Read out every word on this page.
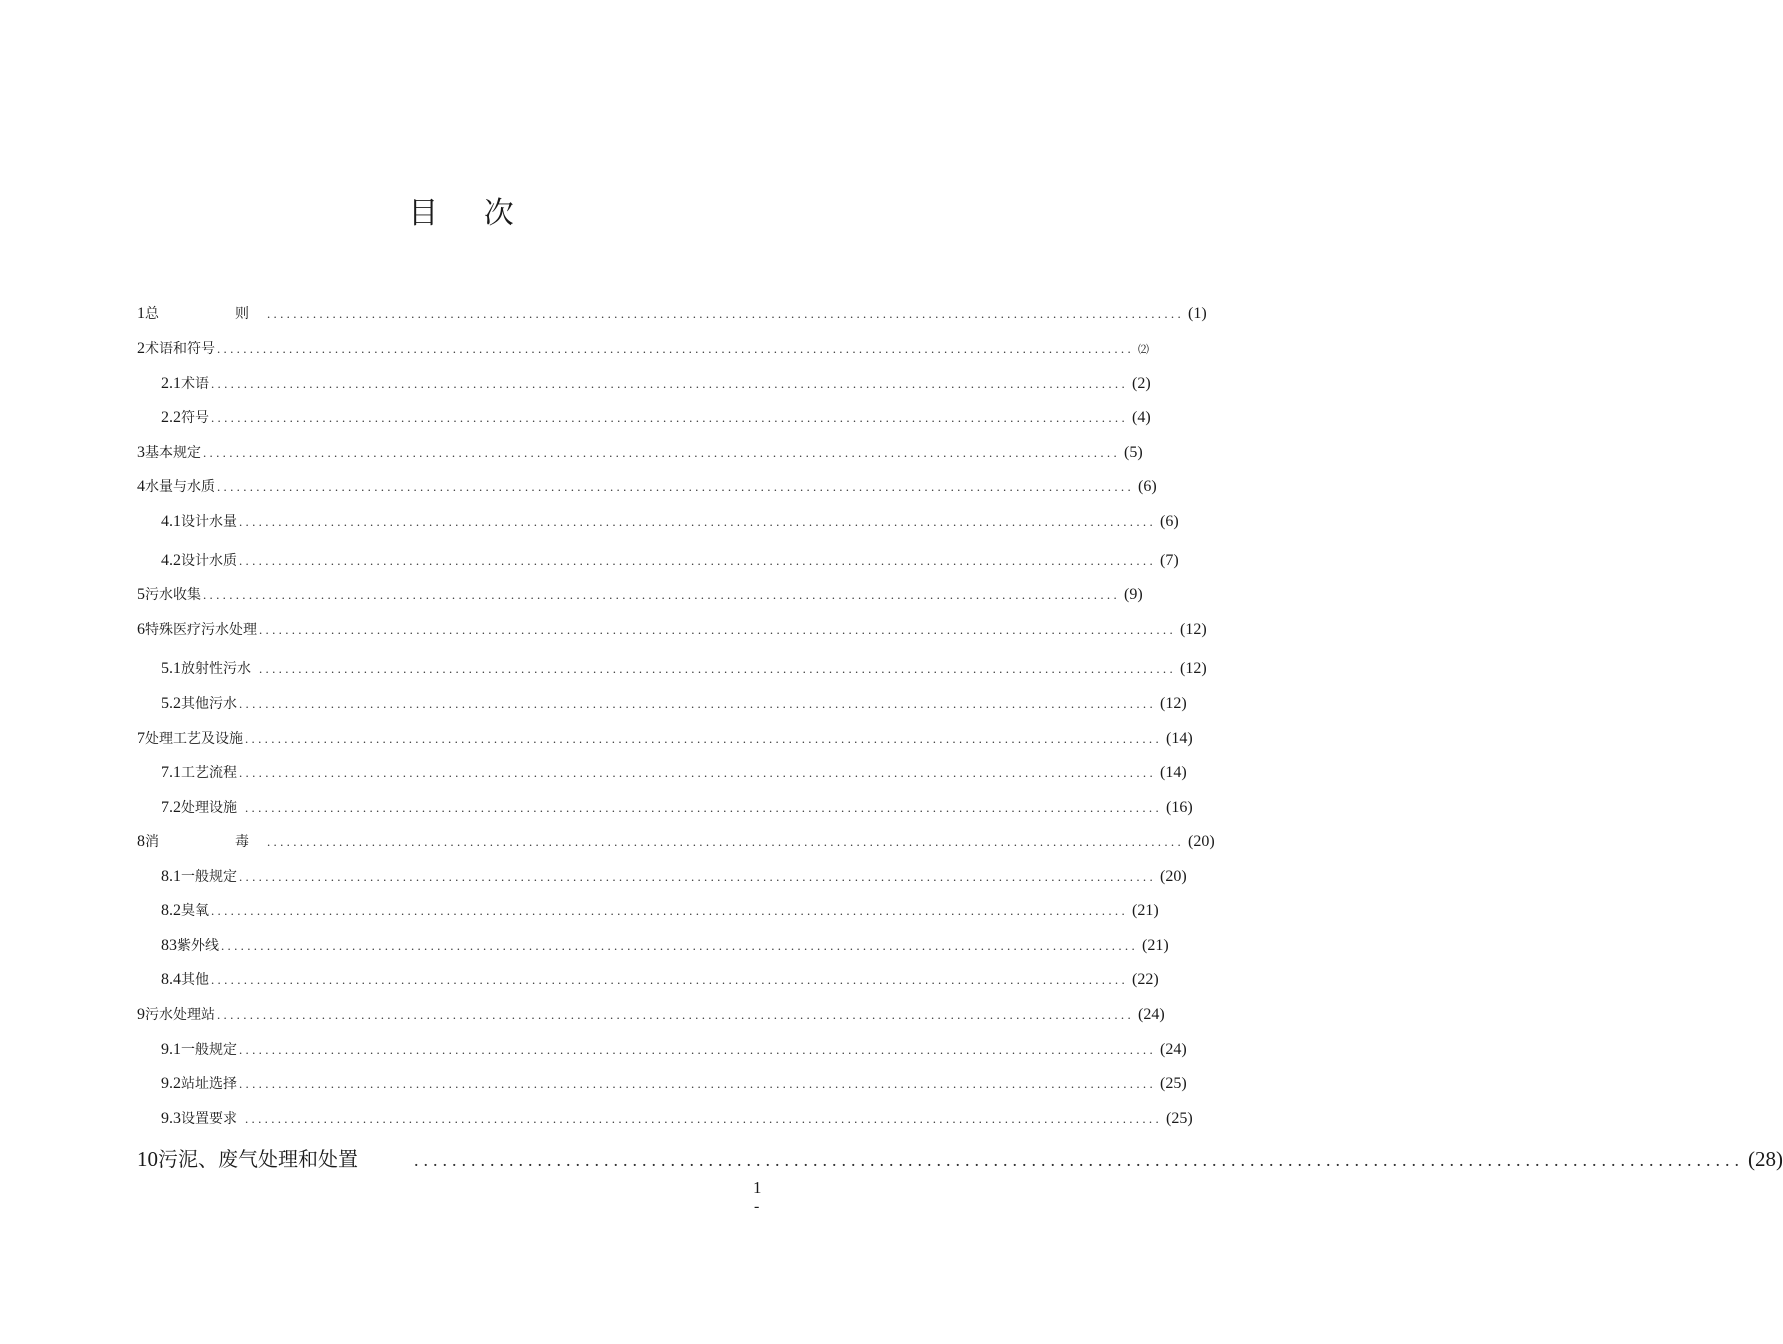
目 次
1 总　　则 ............................................................................................................................................ (1)
2 术语和符号 ............................................................................................................................................ ⑵
2.1 术语 ............................................................................................................................................ (2)
2.2 符号 ............................................................................................................................................ (4)
3 基本规定 ............................................................................................................................................ (5)
4 水量与水质 ............................................................................................................................................ (6)
4.1 设计水量 ............................................................................................................................................ (6)
4.2 设计水质 ............................................................................................................................................ (7)
5 污水收集 ............................................................................................................................................ (9)
6 特殊医疗污水处理 ............................................................................................................................................ (12)
5.1 放射性污水 ............................................................................................................................................ (12)
5.2 其他污水 ............................................................................................................................................ (12)
7 处理工艺及设施 ............................................................................................................................................ (14)
7.1 工艺流程 ............................................................................................................................................ (14)
7.2 处理设施 ............................................................................................................................................ (16)
8 消　　毒 ............................................................................................................................................ (20)
8.1 一般规定 ............................................................................................................................................ (20)
8.2 臭氧 ............................................................................................................................................ (21)
83 紫外线 ............................................................................................................................................ (21)
8.4 其他 ............................................................................................................................................ (22)
9 污水处理站 ............................................................................................................................................ (24)
9.1 一般规定 ............................................................................................................................................ (24)
9.2 站址选择 ............................................................................................................................................ (25)
9.3 设置要求 ............................................................................................................................................ (25)
10 污泥、废气处理和处置	............................................................................................................................................ (28)
1
-
